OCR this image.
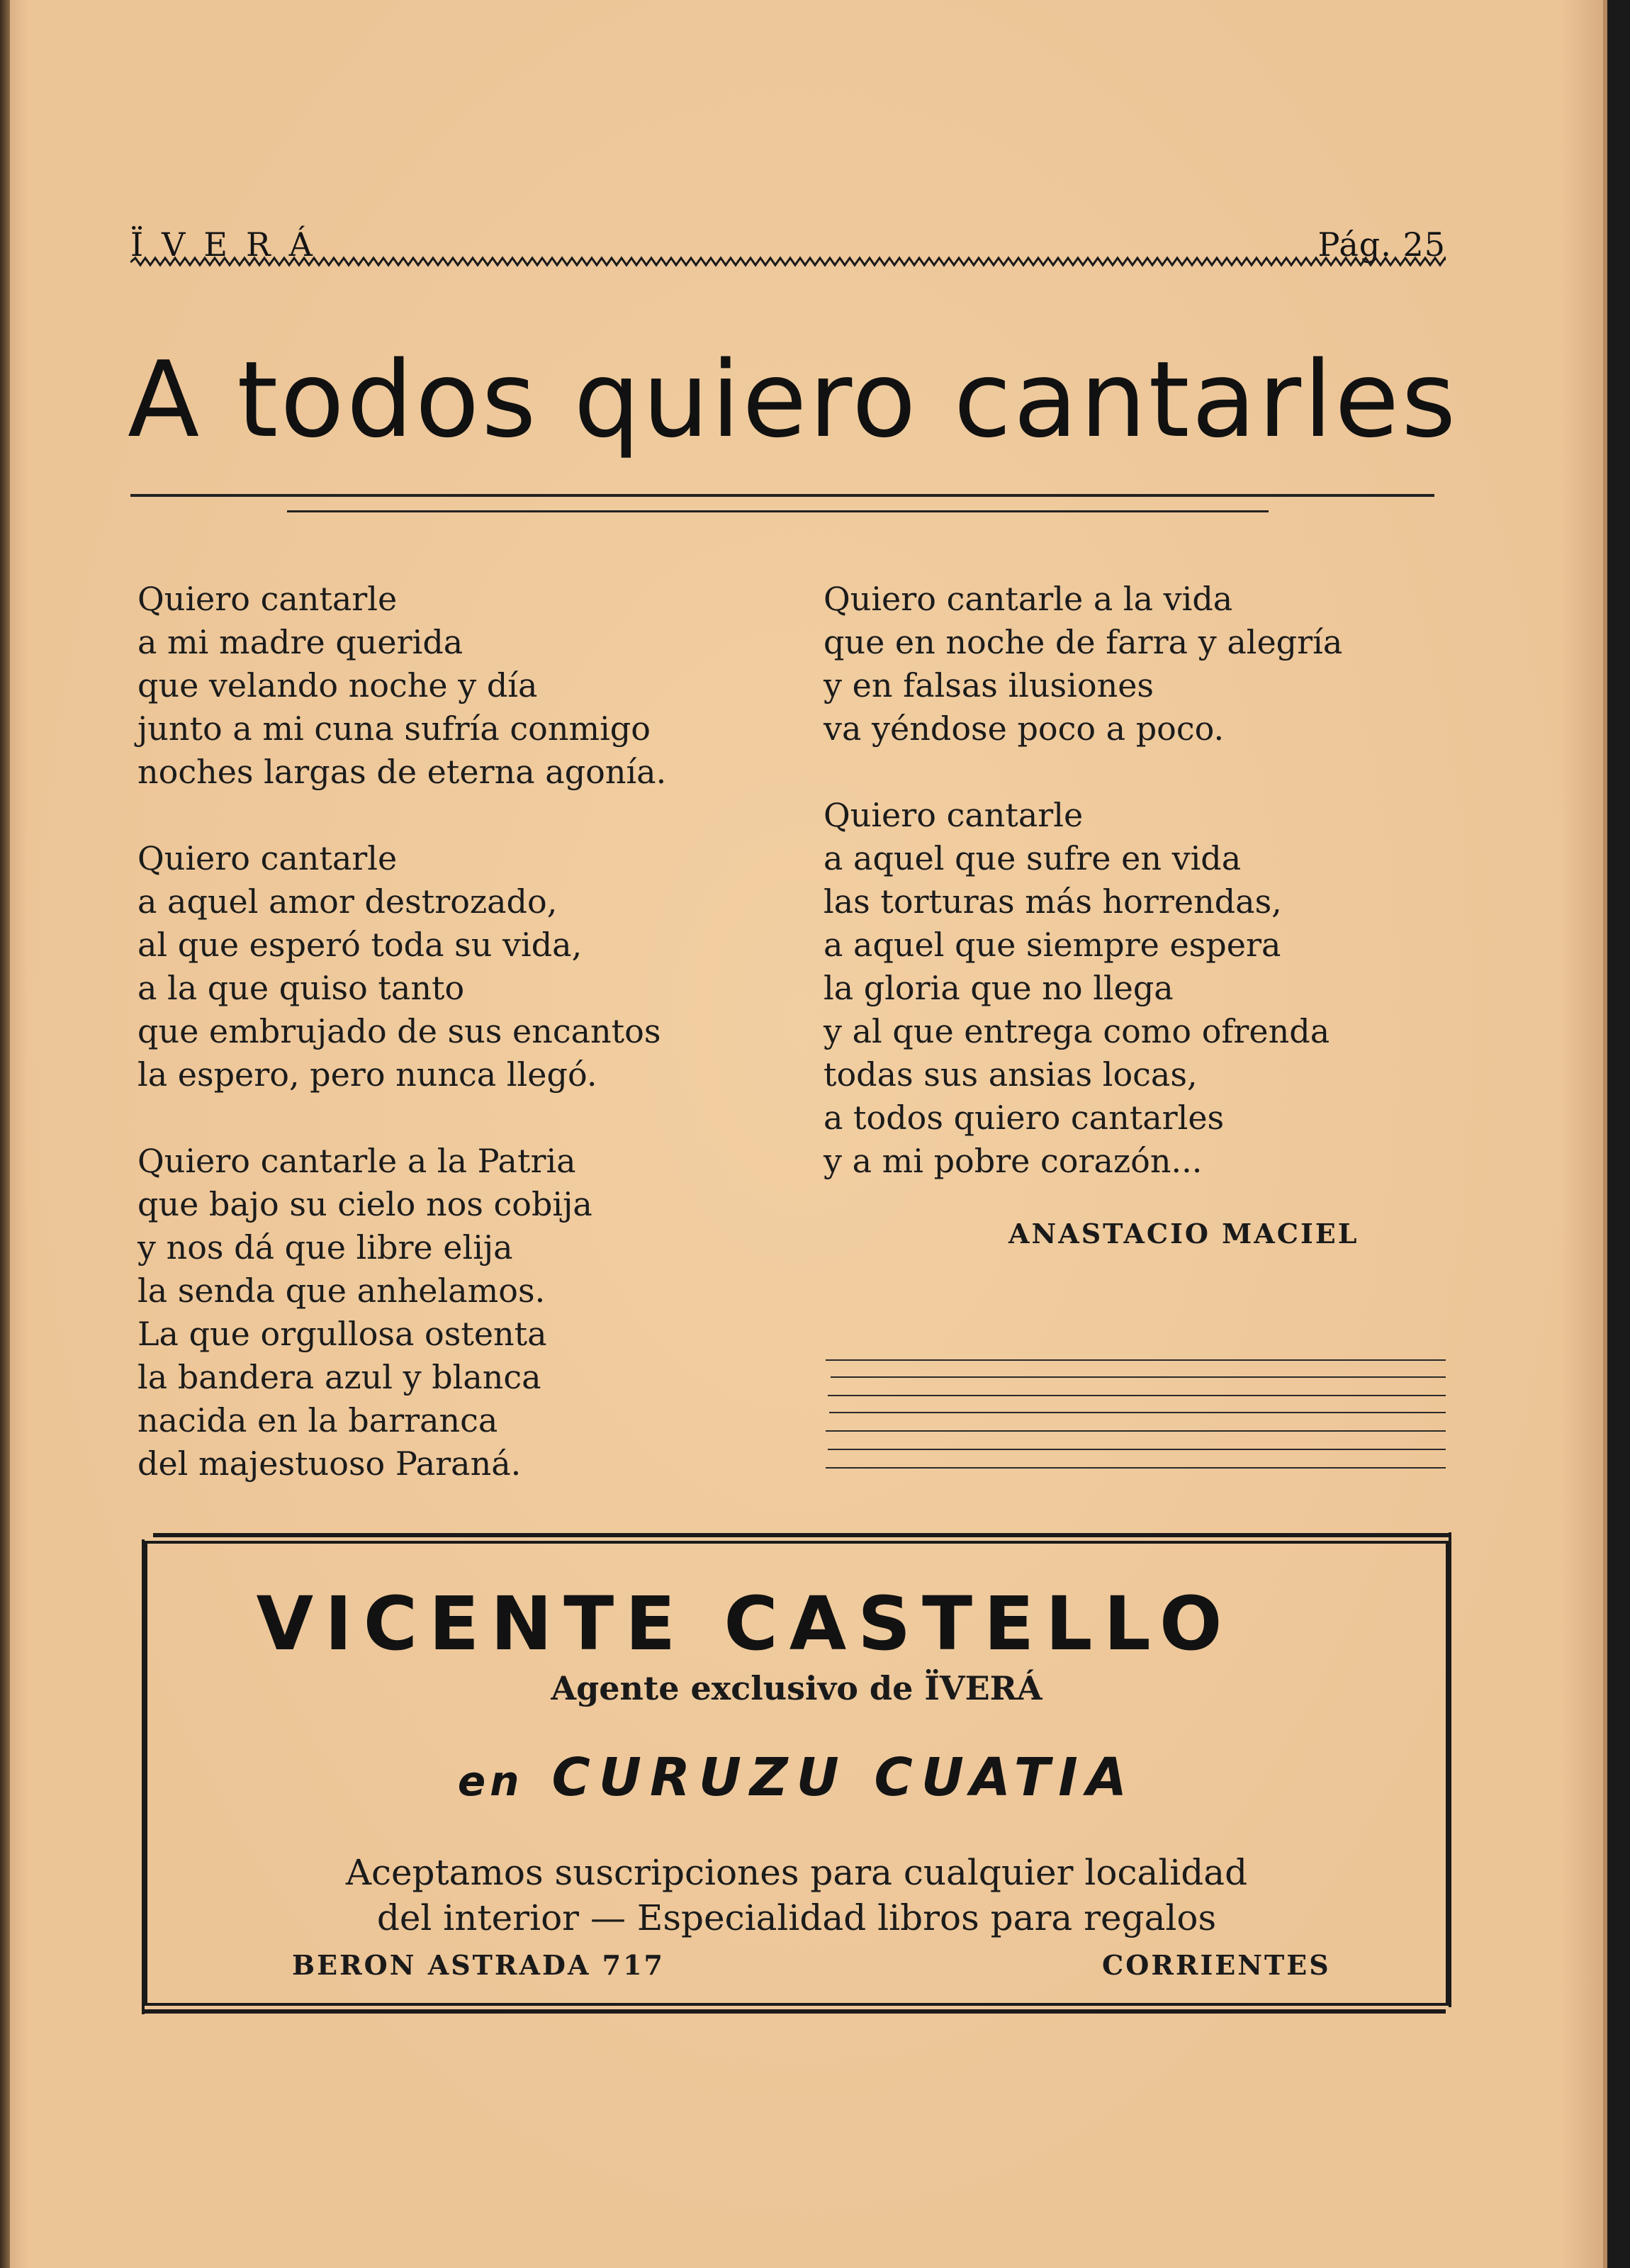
ÏVERÁ	Pág. 25
A todos quiero cantarles
Quiero cantarle
a mi madre querida
que velando noche y día
junto a mi cuna sufría conmigo
noches largas de eterna agonía.
Quiero cantarle
a aquel amor destrozado,
al que esperó toda su vida,
a la que quiso tanto
que embrujado de sus encantos
la espero, pero nunca llegó.
Quiero cantarle a la Patria
que bajo su cielo nos cobija
y nos dá que libre elija
la senda que anhelamos.
La que orgullosa ostenta
la bandera azul y blanca
nacida en la barranca
del majestuoso Paraná.
Quiero cantarle a la vida
que en noche de farra y alegría
y en falsas ilusiones
va yéndose poco a poco.
Quiero cantarle
a aquel que sufre en vida
las torturas más horrendas,
a aquel que siempre espera
la gloria que no llega
y al que entrega como ofrenda
todas sus ansias locas,
a todos quiero cantarles
y a mi pobre corazón...
ANASTACIO MACIEL
VICENTE CASTELLO
Agente exclusivo de ÏVERÁ
en CURUZU CUATIA
Aceptamos suscripciones para cualquier localidad
del interior — Especialidad libros para regalos
BERON ASTRADA 717	CORRIENTES
